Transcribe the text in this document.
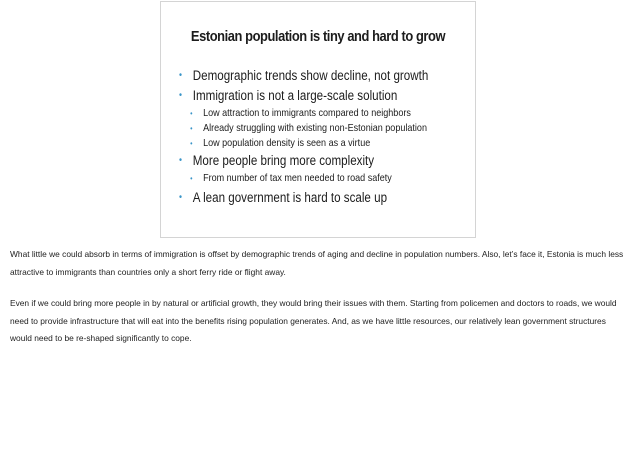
Estonian population is tiny and hard to grow
• Demographic trends show decline, not growth
• Immigration is not a large-scale solution
• Low attraction to immigrants compared to neighbors
• Already struggling with existing non-Estonian population
• Low population density is seen as a virtue
• More people bring more complexity
• From number of tax men needed to road safety
• A lean government is hard to scale up

What little we could absorb in terms of immigration is offset by demographic trends of aging and decline in population numbers. Also, let’s face it, Estonia is much less attractive to immigrants than countries only a short ferry ride or flight away.

Even if we could bring more people in by natural or artificial growth, they would bring their issues with them. Starting from policemen and doctors to roads, we would need to provide infrastructure that will eat into the benefits rising population generates. And, as we have little resources, our relatively lean government structures would need to be re-shaped significantly to cope.
